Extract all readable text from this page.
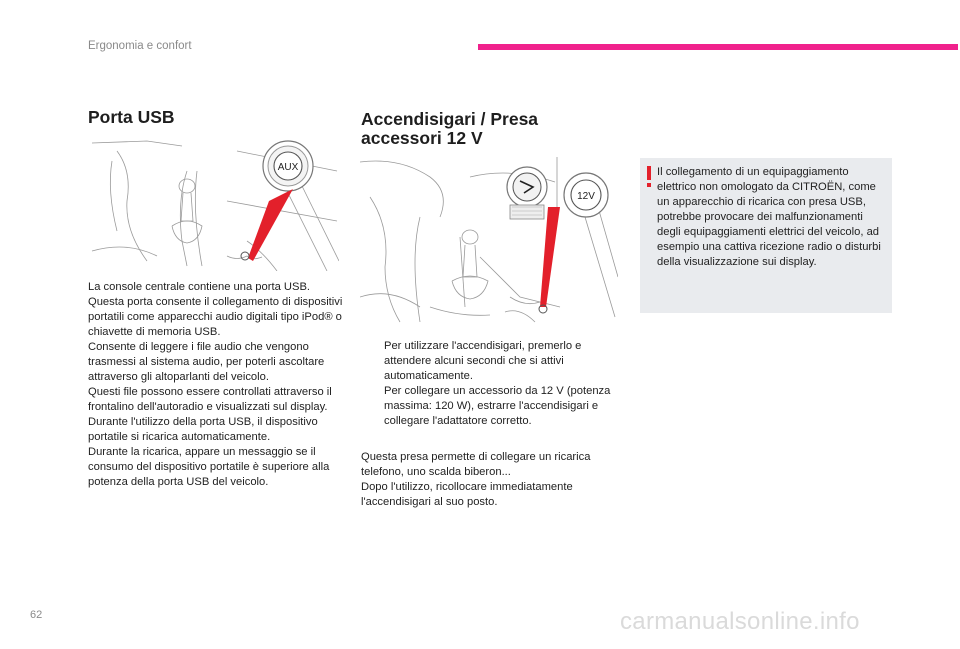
Ergonomia e confort
Porta USB	Accendisigari / Presa accessori 12 V
AUX
12V

La console centrale contiene una porta USB.

Questa porta consente il collegamento di dispositivi portatili come apparecchi audio digitali tipo iPod® o chiavette di memoria USB.

Consente di leggere i file audio che vengono trasmessi al sistema audio, per poterli ascoltare attraverso gli altoparlanti del veicolo.

Questi file possono essere controllati attraverso il frontalino dell'autoradio e visualizzati sul display.

Durante l'utilizzo della porta USB, il dispositivo portatile si ricarica automaticamente.

Durante la ricarica, appare un messaggio se il consumo del dispositivo portatile è superiore alla potenza della porta USB del veicolo.

Per utilizzare l'accendisigari, premerlo e attendere alcuni secondi che si attivi automaticamente.

Per collegare un accessorio da 12 V (potenza massima: 120 W), estrarre l'accendisigari e collegare l'adattatore corretto.

Questa presa permette di collegare un ricarica telefono, uno scalda biberon...

Dopo l'utilizzo, ricollocare immediatamente l'accendisigari al suo posto.

Il collegamento di un equipaggiamento elettrico non omologato da CITROËN, come un apparecchio di ricarica con presa USB, potrebbe provocare dei malfunzionamenti degli equipaggiamenti elettrici del veicolo, ad esempio una cattiva ricezione radio o disturbi della visualizzazione sui display.
62	carmanualsonline.info
